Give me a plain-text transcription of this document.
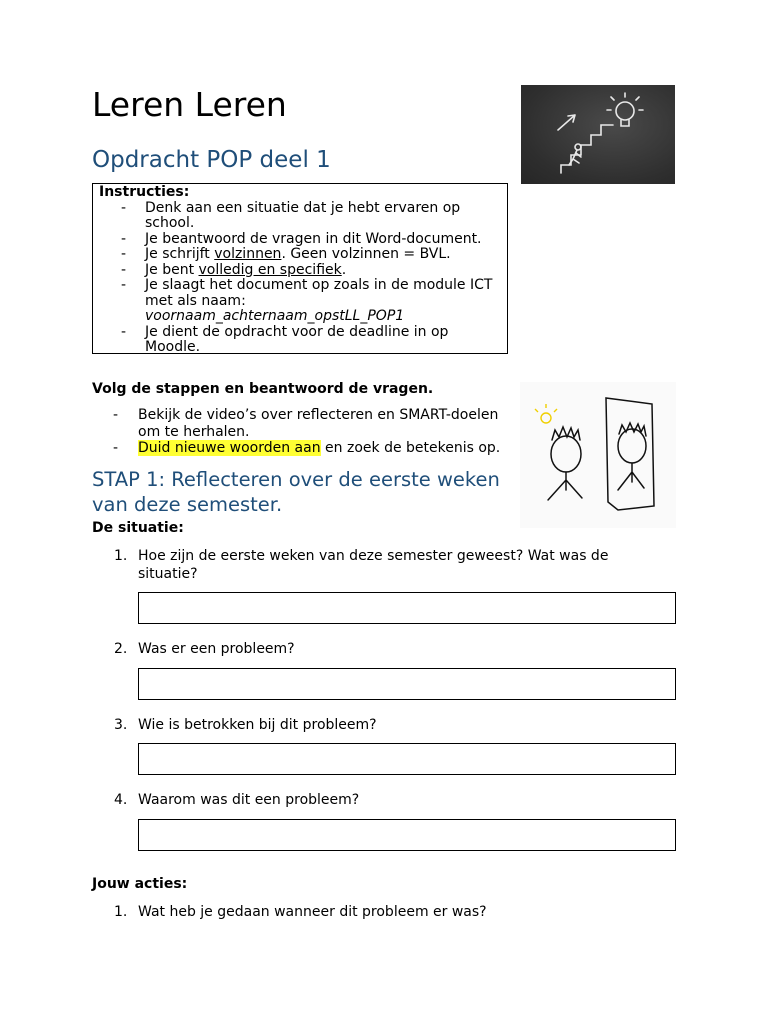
Leren Leren
Opdracht POP deel 1
Instructies:
- Denk aan een situatie dat je hebt ervaren op school.
- Je beantwoord de vragen in dit Word-document.
- Je schrijft volzinnen. Geen volzinnen = BVL.
- Je bent volledig en specifiek.
- Je slaagt het document op zoals in de module ICT met als naam:
voornaam_achternaam_opstLL_POP1
- Je dient de opdracht voor de deadline in op Moodle.
Volg de stappen en beantwoord de vragen.
- Bekijk de video’s over reflecteren en SMART-doelen om te herhalen.
- Duid nieuwe woorden aan en zoek de betekenis op.
STAP 1: Reflecteren over de eerste weken van deze semester.
De situatie:
1. Hoe zijn de eerste weken van deze semester geweest? Wat was de situatie?
2. Was er een probleem?
3. Wie is betrokken bij dit probleem?
4. Waarom was dit een probleem?
Jouw acties:
1. Wat heb je gedaan wanneer dit probleem er was?
